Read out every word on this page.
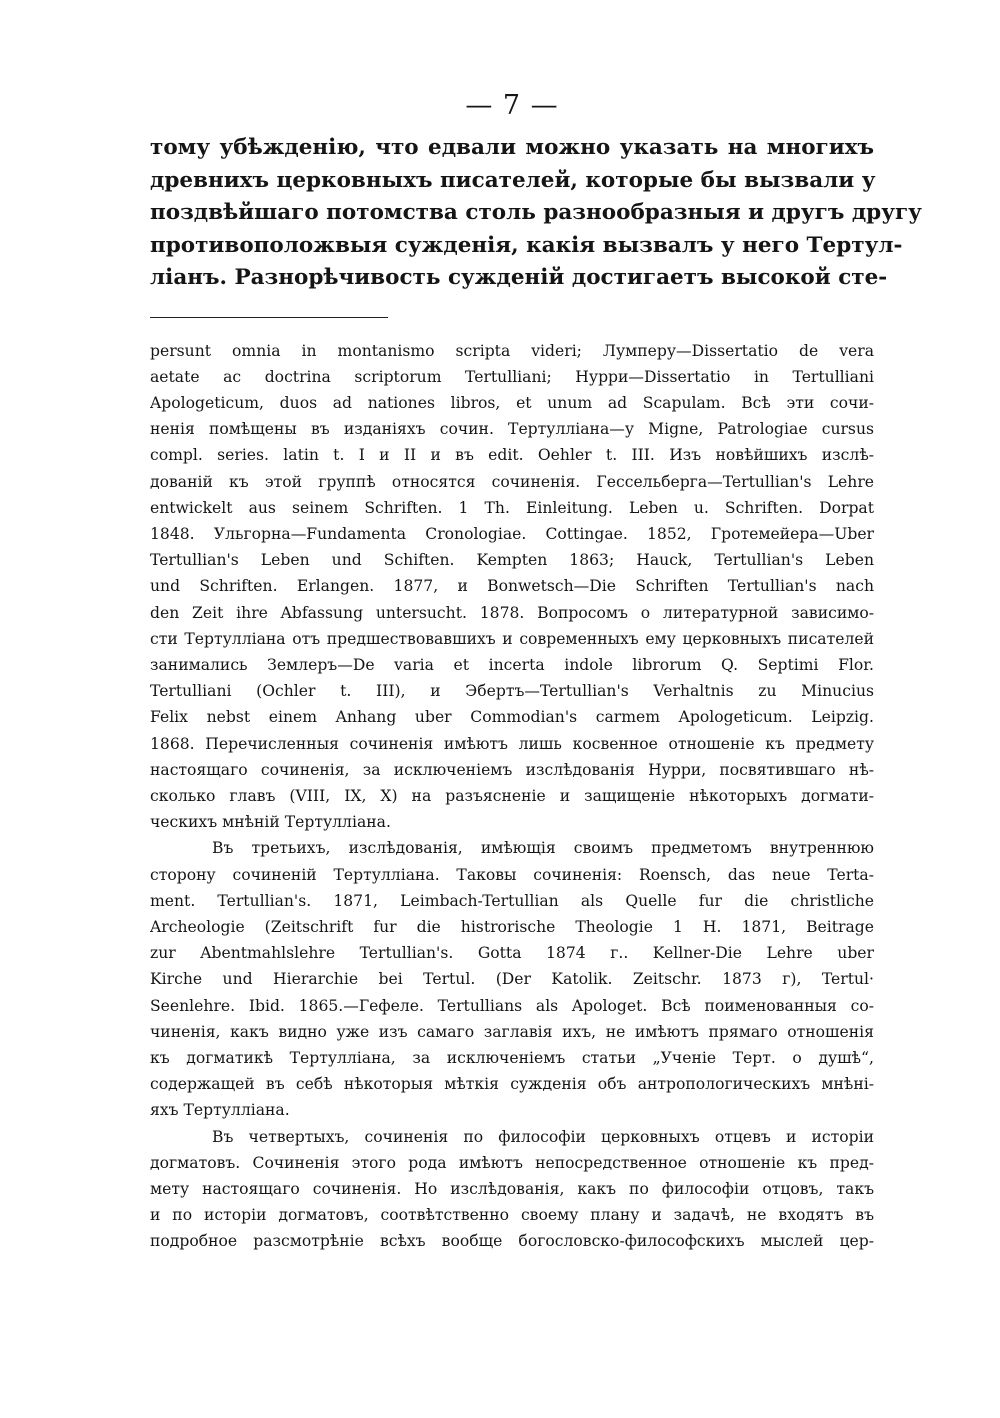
— 7 —
тому убѣжденію, что едвали можно указать на многихъ
древнихъ церковныхъ писателей, которые бы вызвали у
поздвѣйшаго потомства столь разнообразныя и другъ другу
противоположвыя сужденія, какія вызвалъ у него Тертул-
ліанъ. Разнорѣчивость сужденій достигаетъ высокой сте-
persunt omnia in montanismo scripta videri; Лумперу—Dissertatio de vera
aetate ac doctrina scriptorum Tertulliani; Нурри—Dissertatio in Tertulliani
Apologeticum, duos ad nationes libros, et unum ad Scapulam. Всѣ эти сочи-
ненія помѣщены въ изданіяхъ сочин. Тертулліана—у Migne, Patrologiae cursus
compl. series. latin t. I и II и въ edit. Oehler t. III. Изъ новѣйшихъ изслѣ-
дованій къ этой группѣ относятся сочиненія. Гессельберга—Tertullian's Lehre
entwickelt aus seinem Schriften. 1 Th. Einleitung. Leben u. Schriften. Dorpat
1848. Ульгорна—Fundamenta Cronologiae. Cottingae. 1852, Гротемейера—Uber
Tertullian's Leben und Schiften. Kempten 1863; Hauck, Tertullian's Leben
und Schriften. Erlangen. 1877, и Bonwetsch—Die Schriften Tertullian's nach
den Zeit ihre Abfassung untersucht. 1878. Вопросомъ о литературной зависимо-
сти Тертулліана отъ предшествовавшихъ и современныхъ ему церковныхъ писателей
занимались Землеръ—De varia et incerta indole librorum Q. Septimi Flor.
Tertulliani (Ochler t. III), и Эбертъ—Tertullian's Verhaltnis zu Minucius
Felix nebst einem Anhang uber Commodian's carmem Apologeticum. Leipzig.
1868. Перечисленныя сочиненія имѣютъ лишь косвенное отношеніе къ предмету
настоящаго сочиненія, за исключеніемъ изслѣдованія Нурри, посвятившаго нѣ-
сколько главъ (VIII, IX, X) на разъясненіе и защищеніе нѣкоторыхъ догмати-
ческихъ мнѣній Тертулліана.
Въ третьихъ, изслѣдованія, имѣющія своимъ предметомъ внутреннюю
сторону сочиненій Тертулліана. Таковы сочиненія: Roensch, das neue Terta-
ment. Tertullian's. 1871, Leimbach-Tertullian als Quelle fur die christliche
Archeologie (Zeitschrift fur die histrorische Theologie 1 H. 1871, Beitrage
zur Abentmahlslehre Tertullian's. Gotta 1874 г.. Kellner-Die Lehre uber
Kirche und Hierarchie bei Tertul. (Der Katolik. Zeitschr. 1873 г), Tertul·
Seenlehre. Ibid. 1865.—Гефеле. Tertullians als Apologet. Всѣ поименованныя со-
чиненія, какъ видно уже изъ самаго заглавія ихъ, не имѣютъ прямаго отношенія
къ догматикѣ Тертулліана, за исключеніемъ статьи „Ученіе Терт. о душѣ“,
содержащей въ себѣ нѣкоторыя мѣткія сужденія объ антропологическихъ мнѣні-
яхъ Тертулліана.
Въ четвертыхъ, сочиненія по философіи церковныхъ отцевъ и исторіи
догматовъ. Сочиненія этого рода имѣютъ непосредственное отношеніе къ пред-
мету настоящаго сочиненія. Но изслѣдованія, какъ по философіи отцовъ, такъ
и по исторіи догматовъ, соотвѣтственно своему плану и задачѣ, не входятъ въ
подробное разсмотрѣніе всѣхъ вообще богословско-философскихъ мыслей цер-
